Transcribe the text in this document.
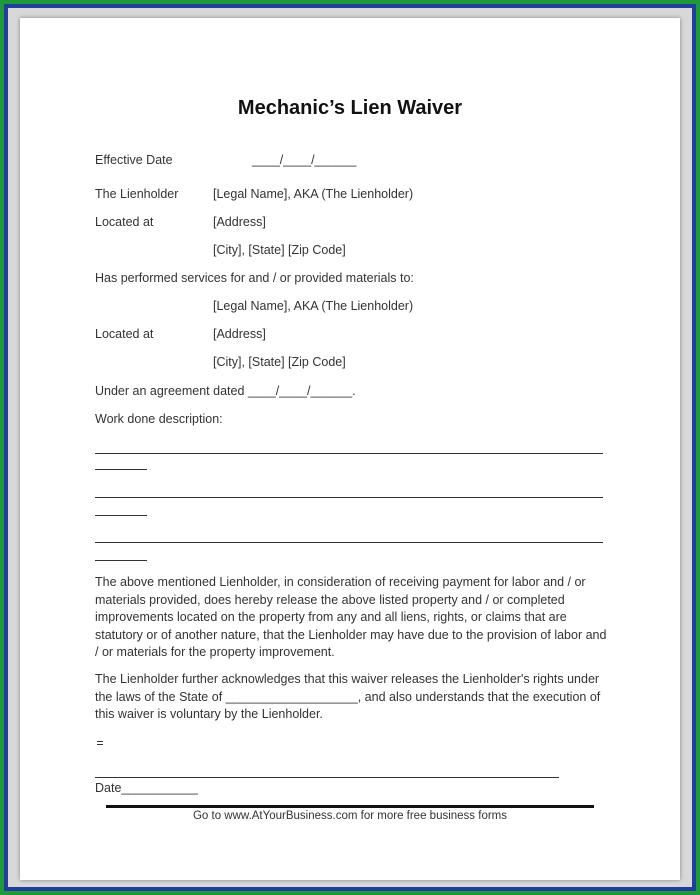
Mechanic’s Lien Waiver
Effective Date	____/____/______
The Lienholder	[Legal Name], AKA (The Lienholder)
Located at	[Address]
[City], [State] [Zip Code]
Has performed services for and / or provided materials to:
[Legal Name], AKA (The Lienholder)
Located at	[Address]
[City], [State] [Zip Code]
Under an agreement dated ____/____/______.
Work done description:
The above mentioned Lienholder, in consideration of receiving payment for labor and / or materials provided, does hereby release the above listed property and / or completed improvements located on the property from any and all liens, rights, or claims that are statutory or of another nature, that the Lienholder may have due to the provision of labor and / or materials for the property improvement.
The Lienholder further acknowledges that this waiver releases the Lienholder's rights under the laws of the State of ___________________, and also understands that the execution of this waiver is voluntary by the Lienholder.
Date___________
Go to www.AtYourBusiness.com for more free business forms
